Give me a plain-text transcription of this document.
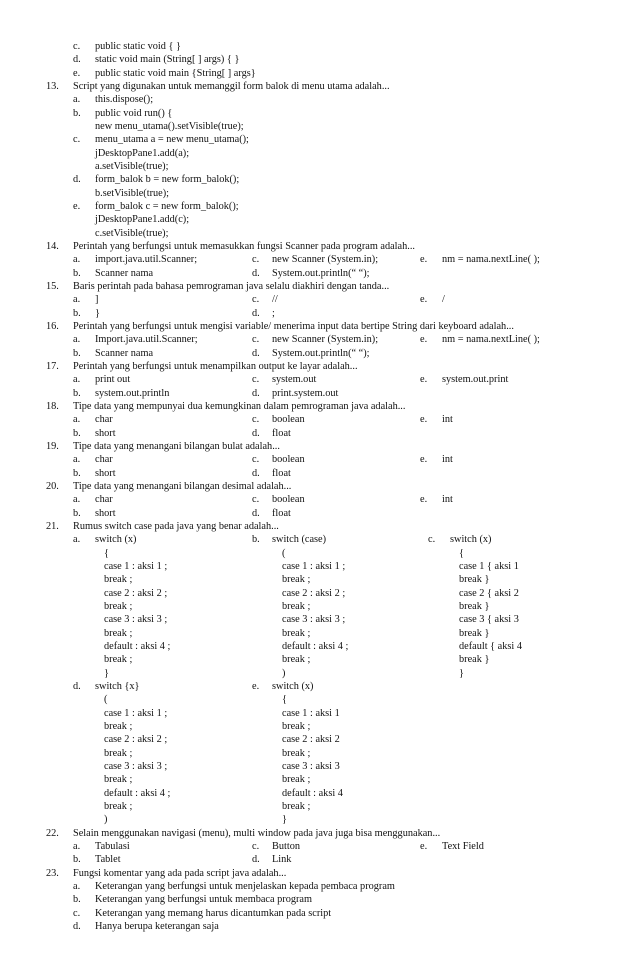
c. public static void { }
d. static void main (String[ ] args) { }
e. public static void main {String[ ] args}
13. Script yang digunakan untuk memanggil form balok di menu utama adalah...
a. this.dispose();
b. public void run() {
new menu_utama().setVisible(true);
c. menu_utama a = new menu_utama();
jDesktopPane1.add(a);
a.setVisible(true);
d. form_balok b = new form_balok();
b.setVisible(true);
e. form_balok c = new form_balok();
jDesktopPane1.add(c);
c.setVisible(true);
14. Perintah yang berfungsi untuk memasukkan fungsi Scanner pada program adalah...
a. import.java.util.Scanner;	c. new Scanner (System.in);	e. nm = nama.nextLine( );
b. Scanner nama	d. System.out.println(“ “);
15. Baris perintah pada bahasa pemrograman java selalu diakhiri dengan tanda...
a. ]	c. //	e. /
b. }	d. ;
16. Perintah yang berfungsi untuk mengisi variable/ menerima input data bertipe String dari keyboard adalah...
a. Import.java.util.Scanner;	c. new Scanner (System.in);	e. nm = nama.nextLine( );
b. Scanner nama	d. System.out.println(“ “);
17. Perintah yang berfungsi untuk menampilkan output ke layar adalah...
a. print out	c. system.out	e. system.out.print
b. system.out.println	d. print.system.out
18. Tipe data yang mempunyai dua kemungkinan dalam pemrograman java adalah...
a. char	c. boolean	e. int
b. short	d. float
19. Tipe data yang menangani bilangan bulat adalah...
a. char	c. boolean	e. int
b. short	d. float
20. Tipe data yang menangani bilangan desimal adalah...
a. char	c. boolean	e. int
b. short	d. float
21. Rumus switch case pada java yang benar adalah...
a. switch (x)	b. switch (case)	c. switch (x)
{	(	{
case 1 : aksi 1 ;	case 1 : aksi 1 ;	case 1 { aksi 1
break ;	break ;	break }
case 2 : aksi 2 ;	case 2 : aksi 2 ;	case 2 { aksi 2
break ;	break ;	break }
case 3 : aksi 3 ;	case 3 : aksi 3 ;	case 3 { aksi 3
break ;	break ;	break }
default : aksi 4 ;	default : aksi 4 ;	default { aksi 4
break ;	break ;	break }
}	)	}
d. switch {x}	e. switch (x)
(	{
case 1 : aksi 1 ;	case 1 : aksi 1
break ;	break ;
case 2 : aksi 2 ;	case 2 : aksi 2
break ;	break ;
case 3 : aksi 3 ;	case 3 : aksi 3
break ;	break ;
default : aksi 4 ;	default : aksi 4
break ;	break ;
)	}
22. Selain menggunakan navigasi (menu), multi window pada java juga bisa menggunakan...
a. Tabulasi	c. Button	e. Text Field
b. Tablet	d. Link
23. Fungsi komentar yang ada pada script java adalah...
a. Keterangan yang berfungsi untuk menjelaskan kepada pembaca program
b. Keterangan yang berfungsi untuk membaca program
c. Keterangan yang memang harus dicantumkan pada script
d. Hanya berupa keterangan saja
